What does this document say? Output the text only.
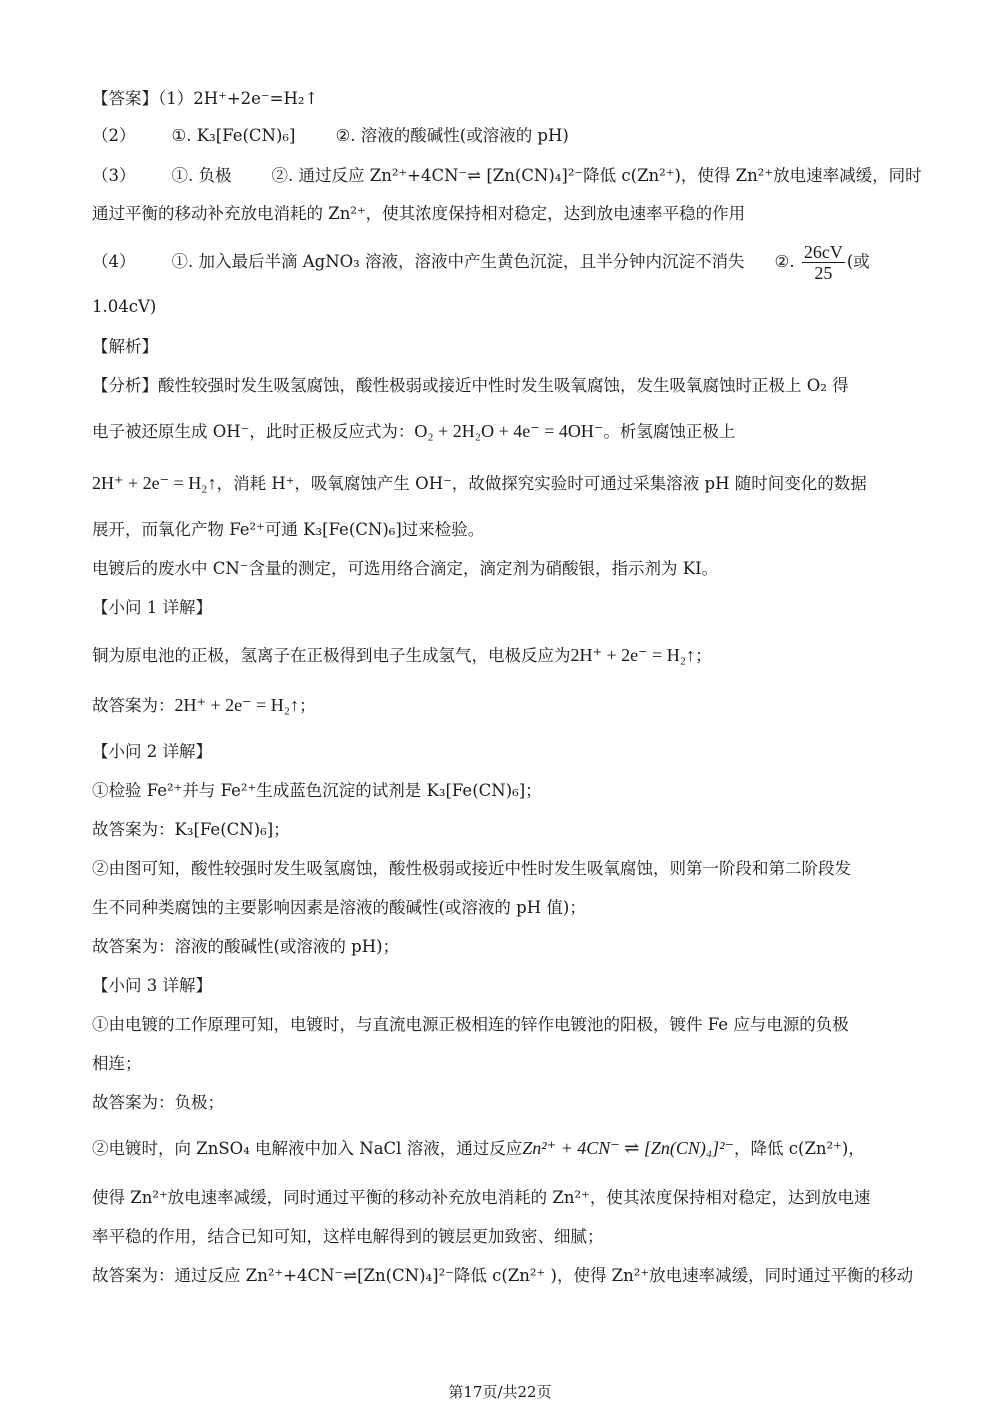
【答案】（1）2H⁺+2e⁻=H₂↑
（2） ①. K₃[Fe(CN)₆] ②. 溶液的酸碱性(或溶液的 pH)
（3） ①. 负极 ②. 通过反应 Zn²⁺+4CN⁻⇌ [Zn(CN)₄]²⁻降低 c(Zn²⁺)，使得 Zn²⁺放电速率减缓，同时
通过平衡的移动补充放电消耗的 Zn²⁺，使其浓度保持相对稳定，达到放电速率平稳的作用
（4） ①. 加入最后半滴 AgNO₃ 溶液，溶液中产生黄色沉淀，且半分钟内沉淀不消失 ②. $\frac{26cV}{25}$ (或
1.04cV)
【解析】
【分析】酸性较强时发生吸氢腐蚀，酸性极弱或接近中性时发生吸氧腐蚀，发生吸氧腐蚀时正极上 O₂ 得
电子被还原生成 OH⁻，此时正极反应式为：O₂ + 2H₂O + 4e⁻ = 4OH⁻。析氢腐蚀正极上
2H⁺ + 2e⁻ = H₂↑，消耗 H⁺，吸氧腐蚀产生 OH⁻，故做探究实验时可通过采集溶液 pH 随时间变化的数据
展开，而氧化产物 Fe²⁺可通 K₃[Fe(CN)₆]过来检验。
电镀后的废水中 CN⁻含量的测定，可选用络合滴定，滴定剂为硝酸银，指示剂为 KI。
【小问 1 详解】
铜为原电池的正极，氢离子在正极得到电子生成氢气，电极反应为2H⁺ + 2e⁻ = H₂↑；
故答案为：2H⁺ + 2e⁻ = H₂↑；
【小问 2 详解】
①检验 Fe²⁺并与 Fe²⁺生成蓝色沉淀的试剂是 K₃[Fe(CN)₆]；
故答案为：K₃[Fe(CN)₆]；
②由图可知，酸性较强时发生吸氢腐蚀，酸性极弱或接近中性时发生吸氧腐蚀，则第一阶段和第二阶段发
生不同种类腐蚀的主要影响因素是溶液的酸碱性(或溶液的 pH 值)；
故答案为：溶液的酸碱性(或溶液的 pH)；
【小问 3 详解】
①由电镀的工作原理可知，电镀时，与直流电源正极相连的锌作电镀池的阳极，镀件 Fe 应与电源的负极
相连；
故答案为：负极；
②电镀时，向 ZnSO₄ 电解液中加入 NaCl 溶液，通过反应Zn²⁺ + 4CN⁻ ⇌ [Zn(CN)₄]²⁻，降低 c(Zn²⁺)，
使得 Zn²⁺放电速率减缓，同时通过平衡的移动补充放电消耗的 Zn²⁺，使其浓度保持相对稳定，达到放电速
率平稳的作用，结合已知可知，这样电解得到的镀层更加致密、细腻；
故答案为：通过反应 Zn²⁺+4CN⁻⇌[Zn(CN)₄]²⁻降低 c(Zn²⁺ )，使得 Zn²⁺放电速率减缓，同时通过平衡的移动
第17页/共22页
